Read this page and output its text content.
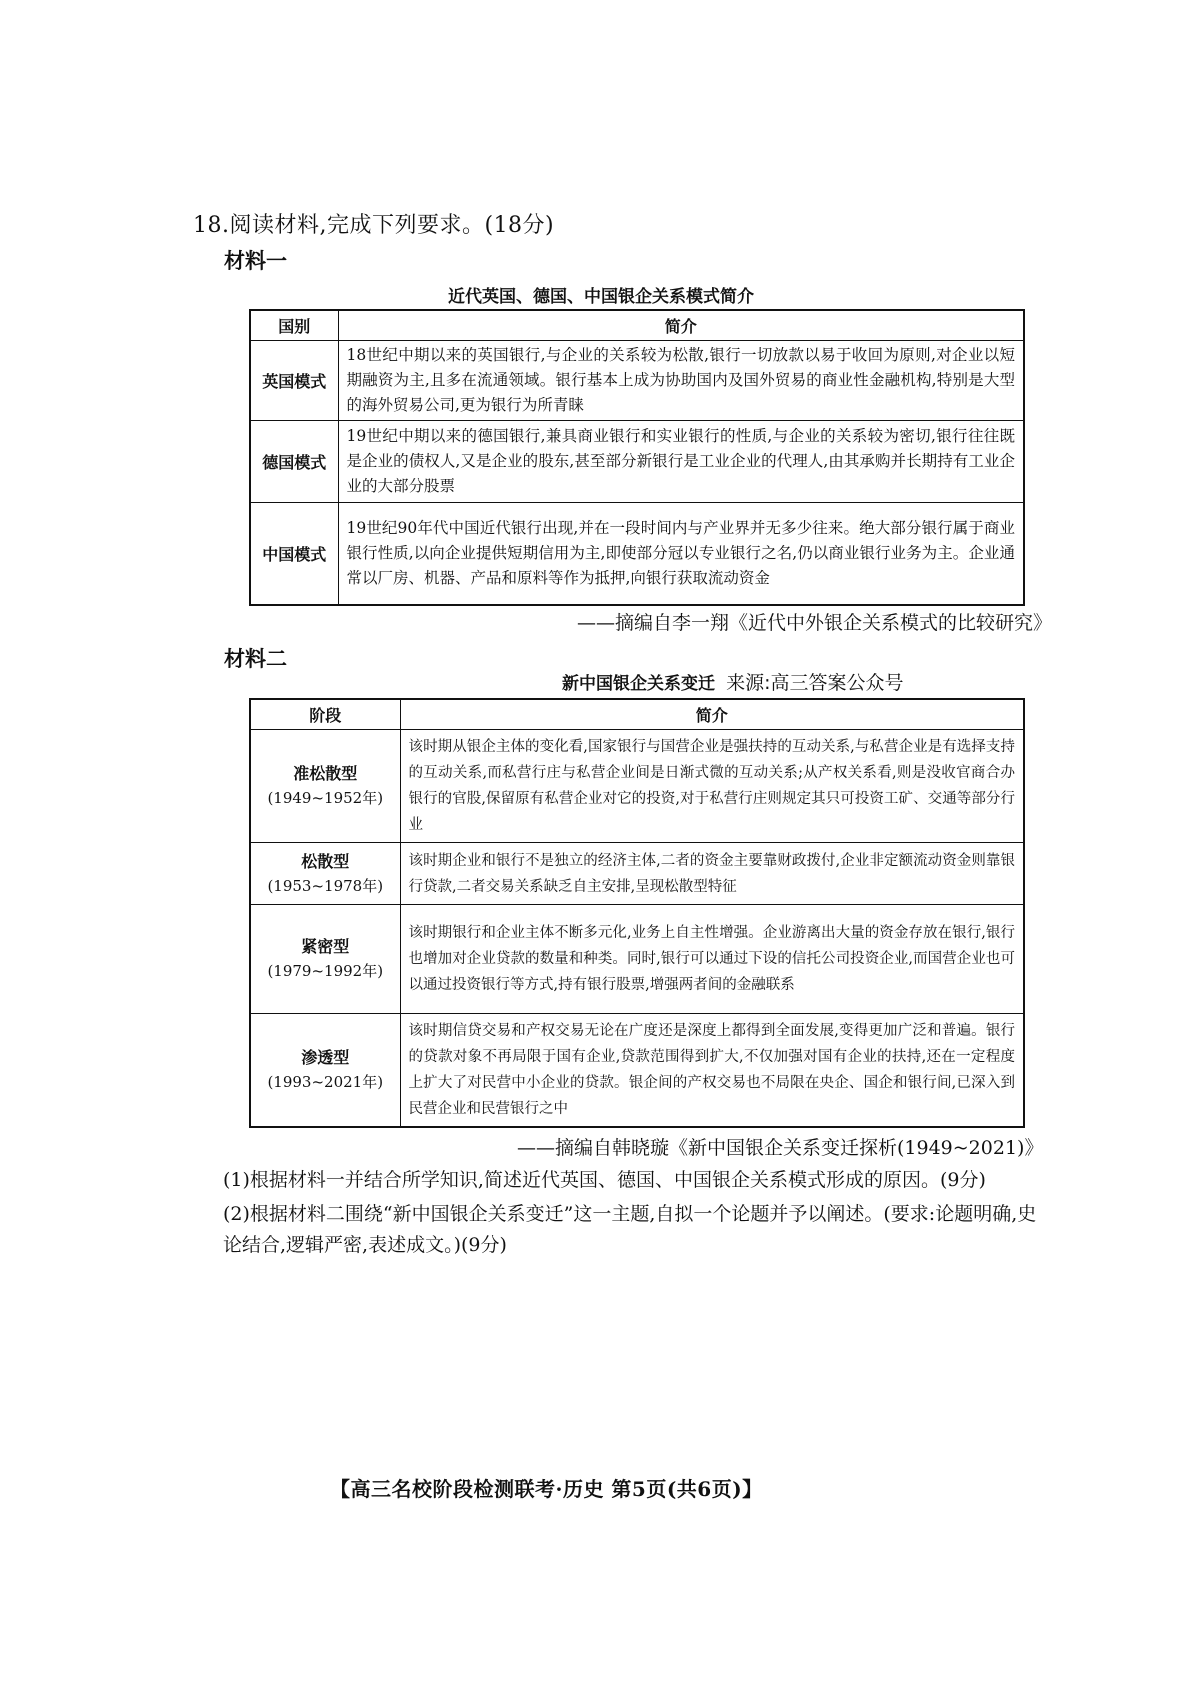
18.阅读材料,完成下列要求。(18分)
材料一
近代英国、德国、中国银企关系模式简介
国别	简介
英国模式	18世纪中期以来的英国银行,与企业的关系较为松散,银行一切放款以易于收回为原则,对企业以短期融资为主,且多在流通领域。银行基本上成为协助国内及国外贸易的商业性金融机构,特别是大型的海外贸易公司,更为银行为所青睐
德国模式	19世纪中期以来的德国银行,兼具商业银行和实业银行的性质,与企业的关系较为密切,银行往往既是企业的债权人,又是企业的股东,甚至部分新银行是工业企业的代理人,由其承购并长期持有工业企业的大部分股票
中国模式	19世纪90年代中国近代银行出现,并在一段时间内与产业界并无多少往来。绝大部分银行属于商业银行性质,以向企业提供短期信用为主,即使部分冠以专业银行之名,仍以商业银行业务为主。企业通常以厂房、机器、产品和原料等作为抵押,向银行获取流动资金
——摘编自李一翔《近代中外银企关系模式的比较研究》
材料二
新中国银企关系变迁 来源:高三答案公众号
阶段	简介

准松散型
(1949~1952年)	该时期从银企主体的变化看,国家银行与国营企业是强扶持的互动关系,与私营企业是有选择支持的互动关系,而私营行庄与私营企业间是日渐式微的互动关系;从产权关系看,则是没收官商合办银行的官股,保留原有私营企业对它的投资,对于私营行庄则规定其只可投资工矿、交通等部分行业

松散型
(1953~1978年)	该时期企业和银行不是独立的经济主体,二者的资金主要靠财政拨付,企业非定额流动资金则靠银行贷款,二者交易关系缺乏自主安排,呈现松散型特征

紧密型
(1979~1992年)	该时期银行和企业主体不断多元化,业务上自主性增强。企业游离出大量的资金存放在银行,银行也增加对企业贷款的数量和种类。同时,银行可以通过下设的信托公司投资企业,而国营企业也可以通过投资银行等方式,持有银行股票,增强两者间的金融联系

渗透型
(1993~2021年)	该时期信贷交易和产权交易无论在广度还是深度上都得到全面发展,变得更加广泛和普遍。银行的贷款对象不再局限于国有企业,贷款范围得到扩大,不仅加强对国有企业的扶持,还在一定程度上扩大了对民营中小企业的贷款。银企间的产权交易也不局限在央企、国企和银行间,已深入到民营企业和民营银行之中
——摘编自韩晓璇《新中国银企关系变迁探析(1949~2021)》
(1)根据材料一并结合所学知识,简述近代英国、德国、中国银企关系模式形成的原因。(9分)
(2)根据材料二围绕“新中国银企关系变迁”这一主题,自拟一个论题并予以阐述。(要求:论题明确,史论结合,逻辑严密,表述成文。)(9分)
【高三名校阶段检测联考·历史 第5页(共6页)】
